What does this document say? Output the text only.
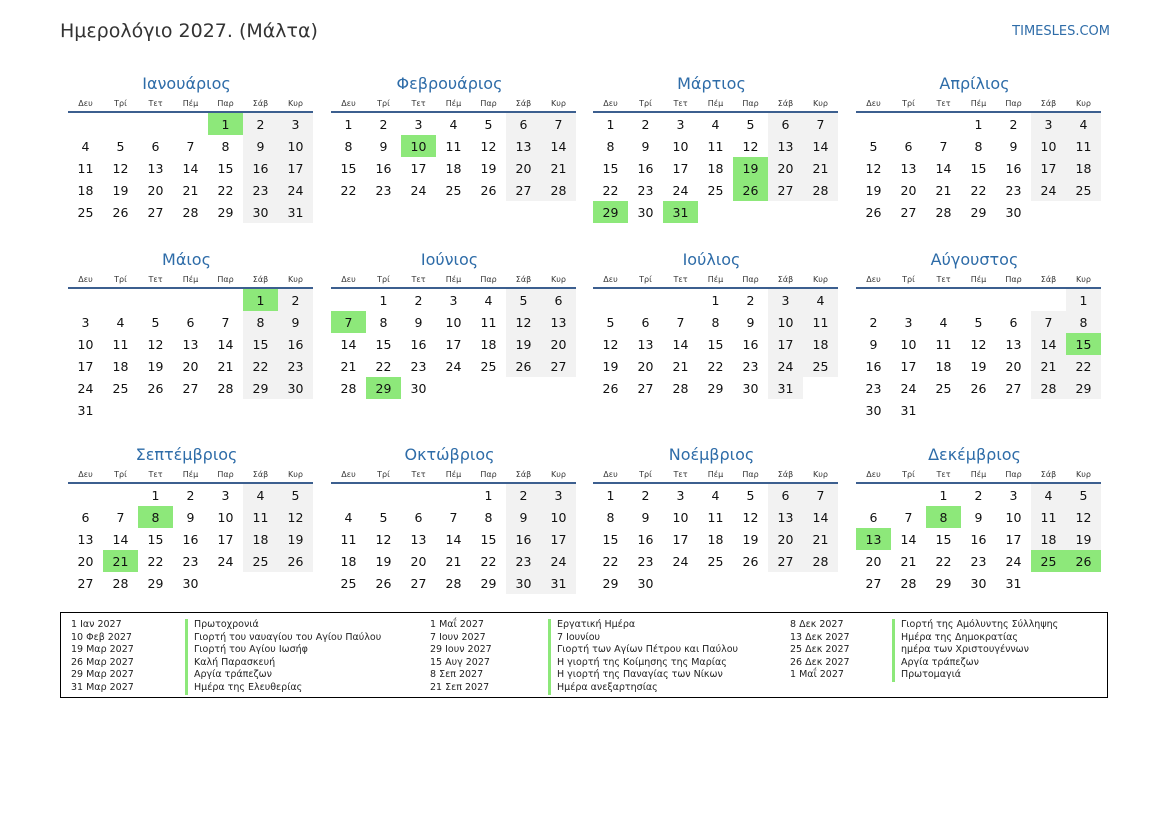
Ημερολόγιο 2027. (Μάλτα)	TIMESLES.COM
Ιανουάριος
Δευ	Τρί	Τετ	Πέμ	Παρ	Σάβ	Κυρ
				1	2	3
4	5	6	7	8	9	10
11	12	13	14	15	16	17
18	19	20	21	22	23	24
25	26	27	28	29	30	31
Φεβρουάριος
Δευ	Τρί	Τετ	Πέμ	Παρ	Σάβ	Κυρ
1	2	3	4	5	6	7
8	9	10	11	12	13	14
15	16	17	18	19	20	21
22	23	24	25	26	27	28
Μάρτιος
Δευ	Τρί	Τετ	Πέμ	Παρ	Σάβ	Κυρ
1	2	3	4	5	6	7
8	9	10	11	12	13	14
15	16	17	18	19	20	21
22	23	24	25	26	27	28
29	30	31				
Απρίλιος
Δευ	Τρί	Τετ	Πέμ	Παρ	Σάβ	Κυρ
			1	2	3	4
5	6	7	8	9	10	11
12	13	14	15	16	17	18
19	20	21	22	23	24	25
26	27	28	29	30		
Μάιος
Δευ	Τρί	Τετ	Πέμ	Παρ	Σάβ	Κυρ
					1	2
3	4	5	6	7	8	9
10	11	12	13	14	15	16
17	18	19	20	21	22	23
24	25	26	27	28	29	30
31						
Ιούνιος
Δευ	Τρί	Τετ	Πέμ	Παρ	Σάβ	Κυρ
	1	2	3	4	5	6
7	8	9	10	11	12	13
14	15	16	17	18	19	20
21	22	23	24	25	26	27
28	29	30				
Ιούλιος
Δευ	Τρί	Τετ	Πέμ	Παρ	Σάβ	Κυρ
			1	2	3	4
5	6	7	8	9	10	11
12	13	14	15	16	17	18
19	20	21	22	23	24	25
26	27	28	29	30	31	
Αύγουστος
Δευ	Τρί	Τετ	Πέμ	Παρ	Σάβ	Κυρ
						1
2	3	4	5	6	7	8
9	10	11	12	13	14	15
16	17	18	19	20	21	22
23	24	25	26	27	28	29
30	31					
Σεπτέμβριος
Δευ	Τρί	Τετ	Πέμ	Παρ	Σάβ	Κυρ
		1	2	3	4	5
6	7	8	9	10	11	12
13	14	15	16	17	18	19
20	21	22	23	24	25	26
27	28	29	30			
Οκτώβριος
Δευ	Τρί	Τετ	Πέμ	Παρ	Σάβ	Κυρ
				1	2	3
4	5	6	7	8	9	10
11	12	13	14	15	16	17
18	19	20	21	22	23	24
25	26	27	28	29	30	31
Νοέμβριος
Δευ	Τρί	Τετ	Πέμ	Παρ	Σάβ	Κυρ
1	2	3	4	5	6	7
8	9	10	11	12	13	14
15	16	17	18	19	20	21
22	23	24	25	26	27	28
29	30					
Δεκέμβριος
Δευ	Τρί	Τετ	Πέμ	Παρ	Σάβ	Κυρ
		1	2	3	4	5
6	7	8	9	10	11	12
13	14	15	16	17	18	19
20	21	22	23	24	25	26
27	28	29	30	31		
1 Ιαν 2027	Πρωτοχρονιά
10 Φεβ 2027	Γιορτή του ναυαγίου του Αγίου Παύλου
19 Μαρ 2027	Γιορτή του Αγίου Ιωσήφ
26 Μαρ 2027	Καλή Παρασκευή
29 Μαρ 2027	Αργία τράπεζων
31 Μαρ 2027	Ημέρα της Ελευθερίας
1 Μαΐ 2027	Εργατική Ημέρα
7 Ιουν 2027	7 Ιουνίου
29 Ιουν 2027	Γιορτή των Αγίων Πέτρου και Παύλου
15 Αυγ 2027	Η γιορτή της Κοίμησης της Μαρίας
8 Σεπ 2027	Η γιορτή της Παναγίας των Νίκων
21 Σεπ 2027	Ημέρα ανεξαρτησίας
8 Δεκ 2027	Γιορτή της Αμόλυντης Σύλληψης
13 Δεκ 2027	Ημέρα της Δημοκρατίας
25 Δεκ 2027	ημέρα των Χριστουγέννων
26 Δεκ 2027	Αργία τράπεζων
1 Μαΐ 2027	Πρωτομαγιά
